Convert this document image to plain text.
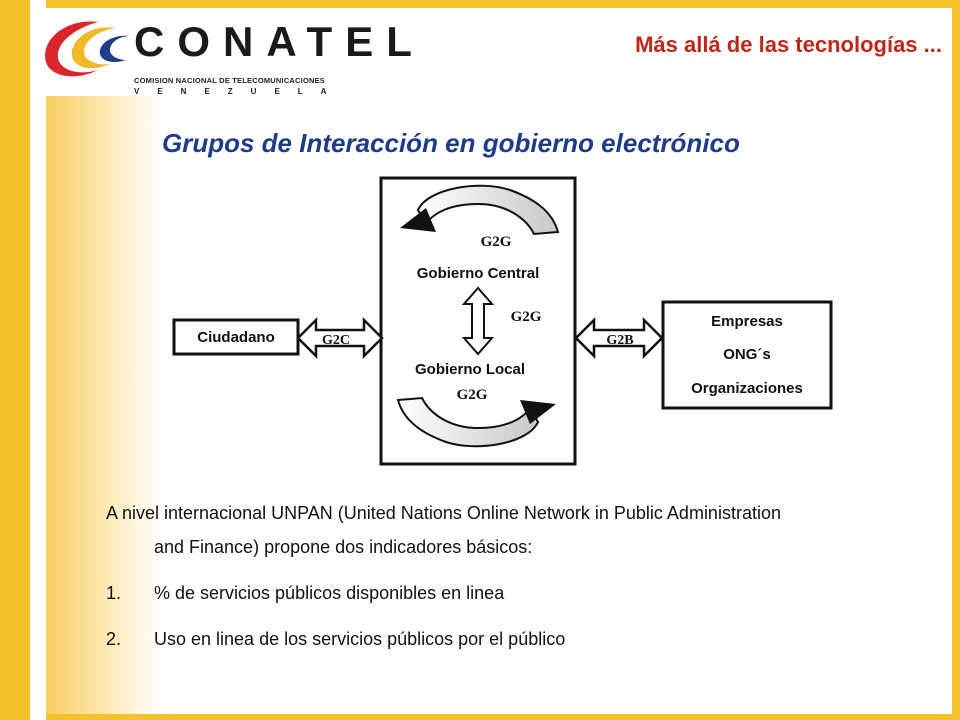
CONATEL
COMISION NACIONAL DE TELECOMUNICACIONES
VENEZUELA
Más allá de las tecnologías ...
Grupos de Interacción en gobierno electrónico
G2G
Gobierno Central
G2G
Gobierno Local
G2G
G2C	G2B
Ciudadano
Empresas
ONG´s
Organizaciones

A nivel internacional UNPAN (United Nations Online Network in Public Administration

and Finance) propone dos indicadores básicos:

1.	% de servicios públicos disponibles en linea
2.	Uso en linea de los servicios públicos por el público
